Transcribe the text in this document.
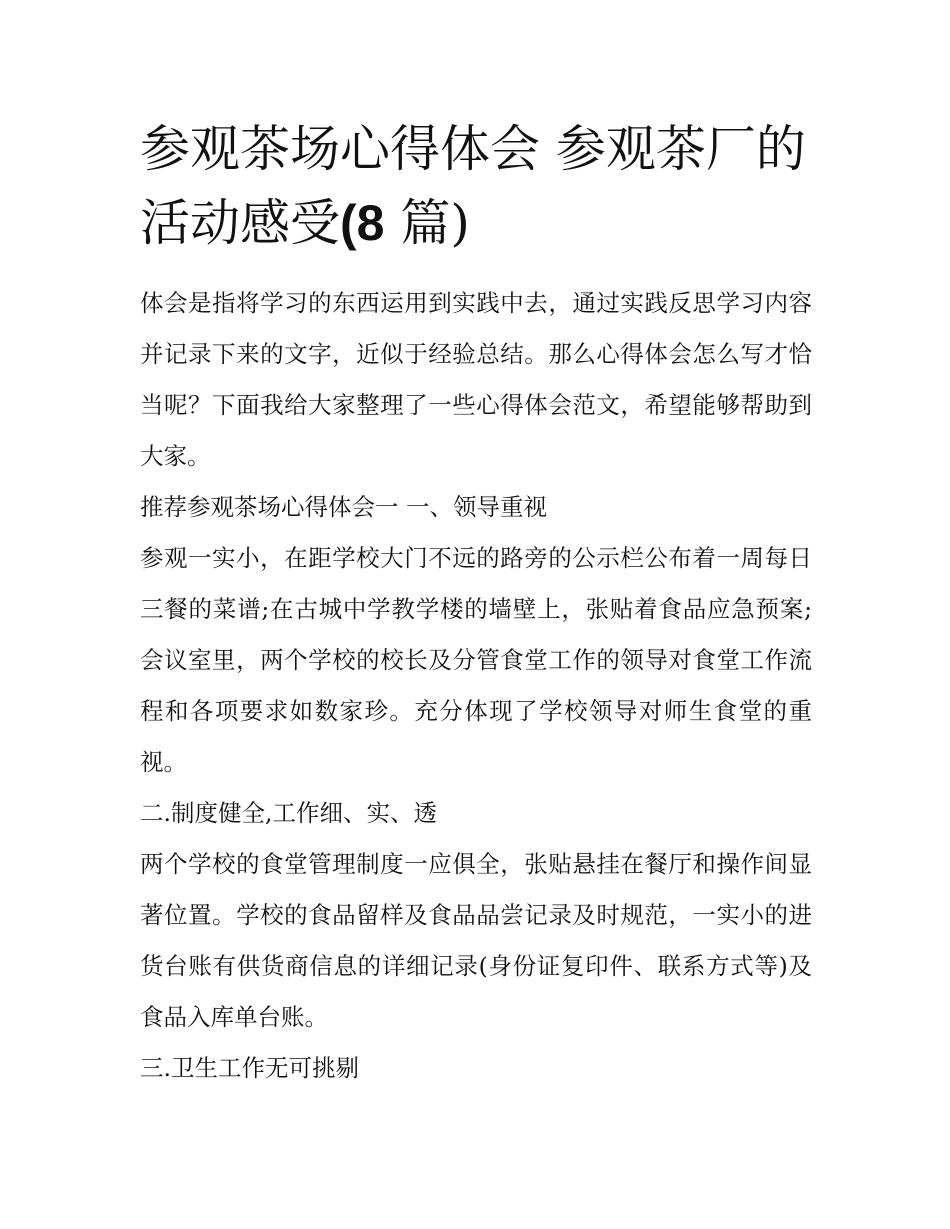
参观茶场心得体会 参观茶厂的活动感受(8 篇)

体会是指将学习的东西运用到实践中去，通过实践反思学习内容并记录下来的文字，近似于经验总结。那么心得体会怎么写才恰当呢？下面我给大家整理了一些心得体会范文，希望能够帮助到大家。

推荐参观茶场心得体会一 一、领导重视

参观一实小，在距学校大门不远的路旁的公示栏公布着一周每日三餐的菜谱;在古城中学教学楼的墙壁上，张贴着食品应急预案;会议室里，两个学校的校长及分管食堂工作的领导对食堂工作流程和各项要求如数家珍。充分体现了学校领导对师生食堂的重视。

二.制度健全,工作细、实、透

两个学校的食堂管理制度一应俱全，张贴悬挂在餐厅和操作间显著位置。学校的食品留样及食品品尝记录及时规范，一实小的进货台账有供货商信息的详细记录(身份证复印件、联系方式等)及食品入库单台账。

三.卫生工作无可挑剔
